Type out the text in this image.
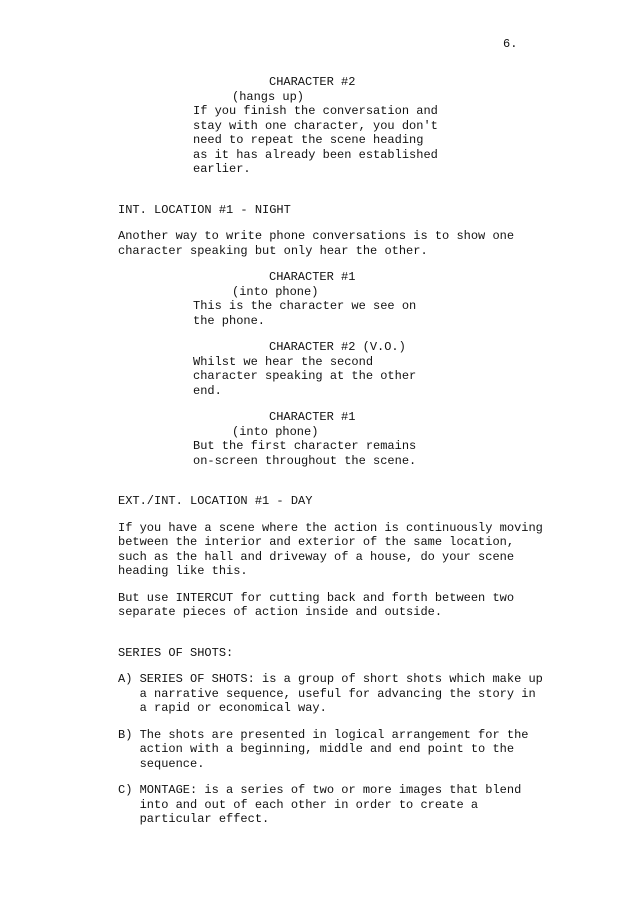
6.
CHARACTER #2
(hangs up)
If you finish the conversation and
stay with one character, you don't
need to repeat the scene heading
as it has already been established
earlier.
INT. LOCATION #1 - NIGHT
Another way to write phone conversations is to show one
character speaking but only hear the other.
CHARACTER #1
(into phone)
This is the character we see on
the phone.
CHARACTER #2 (V.O.)
Whilst we hear the second
character speaking at the other
end.
CHARACTER #1
(into phone)
But the first character remains
on-screen throughout the scene.
EXT./INT. LOCATION #1 - DAY
If you have a scene where the action is continuously moving
between the interior and exterior of the same location,
such as the hall and driveway of a house, do your scene
heading like this.
But use INTERCUT for cutting back and forth between two
separate pieces of action inside and outside.
SERIES OF SHOTS:
A) SERIES OF SHOTS: is a group of short shots which make up
a narrative sequence, useful for advancing the story in
a rapid or economical way.
B) The shots are presented in logical arrangement for the
action with a beginning, middle and end point to the
sequence.
C) MONTAGE: is a series of two or more images that blend
into and out of each other in order to create a
particular effect.
